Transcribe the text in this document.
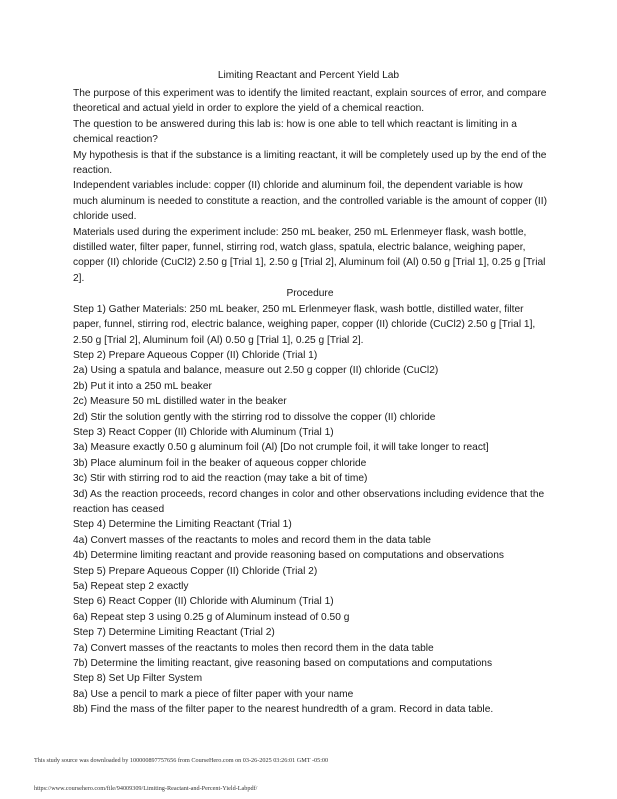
Limiting Reactant and Percent Yield Lab

The purpose of this experiment was to identify the limited reactant, explain sources of error, and compare theoretical and actual yield in order to explore the yield of a chemical reaction.

The question to be answered during this lab is: how is one able to tell which reactant is limiting in a chemical reaction?

My hypothesis is that if the substance is a limiting reactant, it will be completely used up by the end of the reaction.

Independent variables include: copper (II) chloride and aluminum foil, the dependent variable is how much aluminum is needed to constitute a reaction, and the controlled variable is the amount of copper (II) chloride used.

Materials used during the experiment include: 250 mL beaker, 250 mL Erlenmeyer flask, wash bottle, distilled water, filter paper, funnel, stirring rod, watch glass, spatula, electric balance, weighing paper, copper (II) chloride (CuCl2) 2.50 g [Trial 1], 2.50 g [Trial 2], Aluminum foil (Al) 0.50 g [Trial 1], 0.25 g [Trial 2].

Procedure

Step 1) Gather Materials: 250 mL beaker, 250 mL Erlenmeyer flask, wash bottle, distilled water, filter paper, funnel, stirring rod, electric balance, weighing paper, copper (II) chloride (CuCl2) 2.50 g [Trial 1], 2.50 g [Trial 2], Aluminum foil (Al) 0.50 g [Trial 1], 0.25 g [Trial 2].

Step 2) Prepare Aqueous Copper (II) Chloride (Trial 1)

2a) Using a spatula and balance, measure out 2.50 g copper (II) chloride (CuCl2)

2b) Put it into a 250 mL beaker

2c) Measure 50 mL distilled water in the beaker

2d) Stir the solution gently with the stirring rod to dissolve the copper (II) chloride

Step 3) React Copper (II) Chloride with Aluminum (Trial 1)

3a) Measure exactly 0.50 g aluminum foil (Al) [Do not crumple foil, it will take longer to react]

3b) Place aluminum foil in the beaker of aqueous copper chloride

3c) Stir with stirring rod to aid the reaction (may take a bit of time)

3d) As the reaction proceeds, record changes in color and other observations including evidence that the reaction has ceased

Step 4) Determine the Limiting Reactant (Trial 1)

4a) Convert masses of the reactants to moles and record them in the data table

4b) Determine limiting reactant and provide reasoning based on computations and observations

Step 5) Prepare Aqueous Copper (II) Chloride (Trial 2)

5a) Repeat step 2 exactly

Step 6) React Copper (II) Chloride with Aluminum (Trial 1)

6a) Repeat step 3 using 0.25 g of Aluminum instead of 0.50 g

Step 7) Determine Limiting Reactant (Trial 2)

7a) Convert masses of the reactants to moles then record them in the data table

7b) Determine the limiting reactant, give reasoning based on computations and computations

Step 8) Set Up Filter System

8a) Use a pencil to mark a piece of filter paper with your name

8b) Find the mass of the filter paper to the nearest hundredth of a gram. Record in data table.

This study source was downloaded by 100000897757656 from CourseHero.com on 03-26-2025 03:26:01 GMT -05:00
https://www.coursehero.com/file/94009309/Limiting-Reactant-and-Percent-Yield-Labpdf/
